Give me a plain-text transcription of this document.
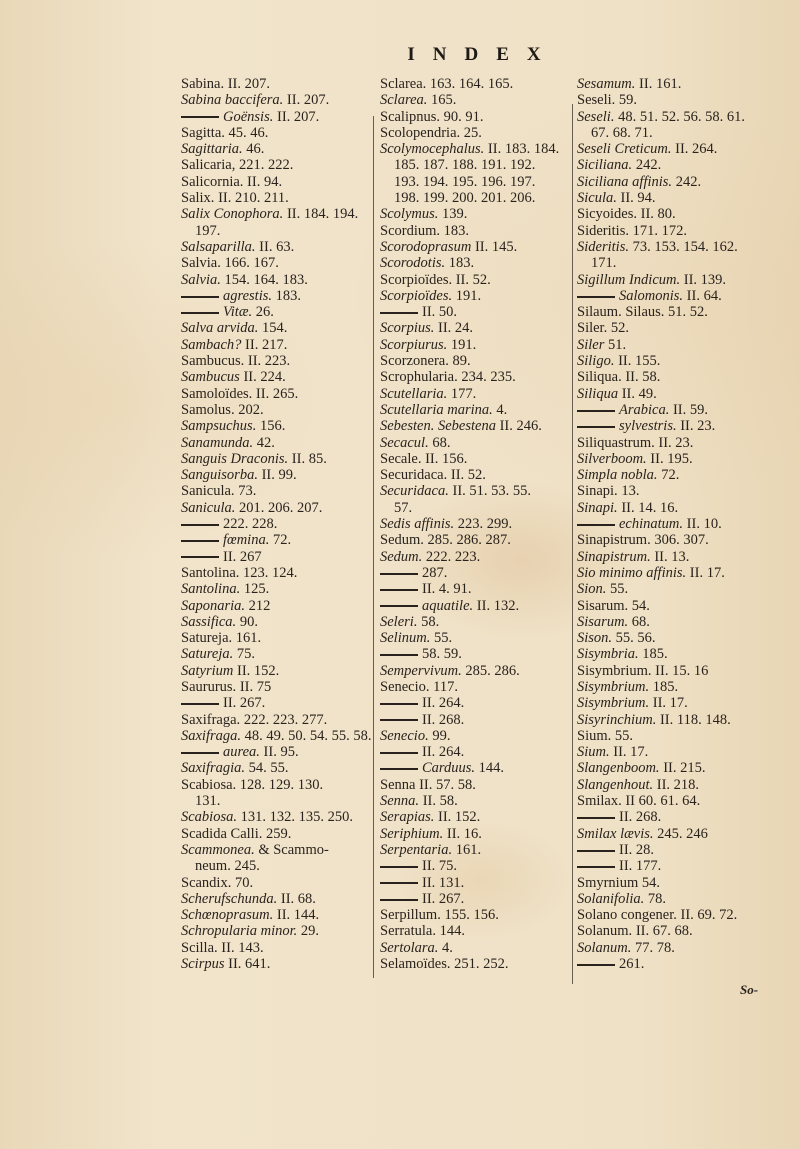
INDEX
Sabina. II. 207.
Sabina baccifera. II. 207.
Goënsis. II. 207.
Sagitta. 45. 46.
Sagittaria. 46.
Salicaria, 221. 222.
Salicornia. II. 94.
Salix. II. 210. 211.
Salix Conophora. II. 184. 194.
197.
Salsaparilla. II. 63.
Salvia. 166. 167.
Salvia. 154. 164. 183.
agrestis. 183.
Vitæ. 26.
Salva arvida. 154.
Sambach? II. 217.
Sambucus. II. 223.
Sambucus II. 224.
Samoloïdes. II. 265.
Samolus. 202.
Sampsuchus. 156.
Sanamunda. 42.
Sanguis Draconis. II. 85.
Sanguisorba. II. 99.
Sanicula. 73.
Sanicula. 201. 206. 207.
222. 228.
fœmina. 72.
II. 267
Santolina. 123. 124.
Santolina. 125.
Saponaria. 212
Sassifica. 90.
Satureja. 161.
Satureja. 75.
Satyrium II. 152.
Saururus. II. 75
II. 267.
Saxifraga. 222. 223. 277.
Saxifraga. 48. 49. 50. 54. 55. 58.
aurea. II. 95.
Saxifragia. 54. 55.
Scabiosa. 128. 129. 130.
131.
Scabiosa. 131. 132. 135. 250.
Scadida Calli. 259.
Scammonea. & Scammo-
neum. 245.
Scandix. 70.
Scherufschunda. II. 68.
Schœnoprasum. II. 144.
Schropularia minor. 29.
Scilla. II. 143.
Scirpus II. 641.
Sclarea. 163. 164. 165.
Sclarea. 165.
Scalipnus. 90. 91.
Scolopendria. 25.
Scolymocephalus. II. 183. 184.
185. 187. 188. 191. 192.
193. 194. 195. 196. 197.
198. 199. 200. 201. 206.
Scolymus. 139.
Scordium. 183.
Scorodoprasum II. 145.
Scorodotis. 183.
Scorpioïdes. II. 52.
Scorpioïdes. 191.
II. 50.
Scorpius. II. 24.
Scorpiurus. 191.
Scorzonera. 89.
Scrophularia. 234. 235.
Scutellaria. 177.
Scutellaria marina. 4.
Sebesten. Sebestena II. 246.
Secacul. 68.
Secale. II. 156.
Securidaca. II. 52.
Securidaca. II. 51. 53. 55.
57.
Sedis affinis. 223. 299.
Sedum. 285. 286. 287.
Sedum. 222. 223.
287.
II. 4. 91.
aquatile. II. 132.
Seleri. 58.
Selinum. 55.
58. 59.
Sempervivum. 285. 286.
Senecio. 117.
II. 264.
II. 268.
Senecio. 99.
II. 264.
Carduus. 144.
Senna II. 57. 58.
Senna. II. 58.
Serapias. II. 152.
Seriphium. II. 16.
Serpentaria. 161.
II. 75.
II. 131.
II. 267.
Serpillum. 155. 156.
Serratula. 144.
Sertolara. 4.
Selamoïdes. 251. 252.
Sesamum. II. 161.
Seseli. 59.
Seseli. 48. 51. 52. 56. 58. 61.
67. 68. 71.
Seseli Creticum. II. 264.
Siciliana. 242.
Siciliana affinis. 242.
Sicula. II. 94.
Sicyoides. II. 80.
Sideritis. 171. 172.
Sideritis. 73. 153. 154. 162.
171.
Sigillum Indicum. II. 139.
Salomonis. II. 64.
Silaum. Silaus. 51. 52.
Siler. 52.
Siler 51.
Siligo. II. 155.
Siliqua. II. 58.
Siliqua II. 49.
Arabica. II. 59.
sylvestris. II. 23.
Siliquastrum. II. 23.
Silverboom. II. 195.
Simpla nobla. 72.
Sinapi. 13.
Sinapi. II. 14. 16.
echinatum. II. 10.
Sinapistrum. 306. 307.
Sinapistrum. II. 13.
Sio minimo affinis. II. 17.
Sion. 55.
Sisarum. 54.
Sisarum. 68.
Sison. 55. 56.
Sisymbria. 185.
Sisymbrium. II. 15. 16
Sisymbrium. 185.
Sisymbrium. II. 17.
Sisyrinchium. II. 118. 148.
Sium. 55.
Sium. II. 17.
Slangenboom. II. 215.
Slangenhout. II. 218.
Smilax. II 60. 61. 64.
II. 268.
Smilax lævis. 245. 246
II. 28.
II. 177.
Smyrnium 54.
Solanifolia. 78.
Solano congener. II. 69. 72.
Solanum. II. 67. 68.
Solanum. 77. 78.
261.
So-
